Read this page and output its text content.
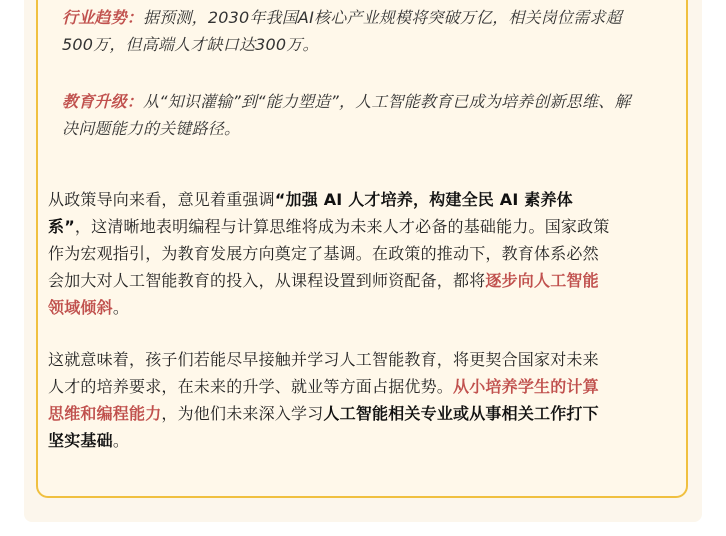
行业趋势：据预测，2030年我国AI核心产业规模将突破万亿，相关岗位需求超
500万，但高端人才缺口达300万。
教育升级：从“知识灌输”到“能力塑造”，人工智能教育已成为培养创新思维、解
决问题能力的关键路径。
从政策导向来看，意见着重强调“加强 AI 人才培养，构建全民 AI 素养体
系”，这清晰地表明编程与计算思维将成为未来人才必备的基础能力。国家政策
作为宏观指引，为教育发展方向奠定了基调。在政策的推动下，教育体系必然
会加大对人工智能教育的投入，从课程设置到师资配备，都将逐步向人工智能
领域倾斜。
这就意味着，孩子们若能尽早接触并学习人工智能教育，将更契合国家对未来
人才的培养要求，在未来的升学、就业等方面占据优势。从小培养学生的计算
思维和编程能力，为他们未来深入学习人工智能相关专业或从事相关工作打下
坚实基础。
